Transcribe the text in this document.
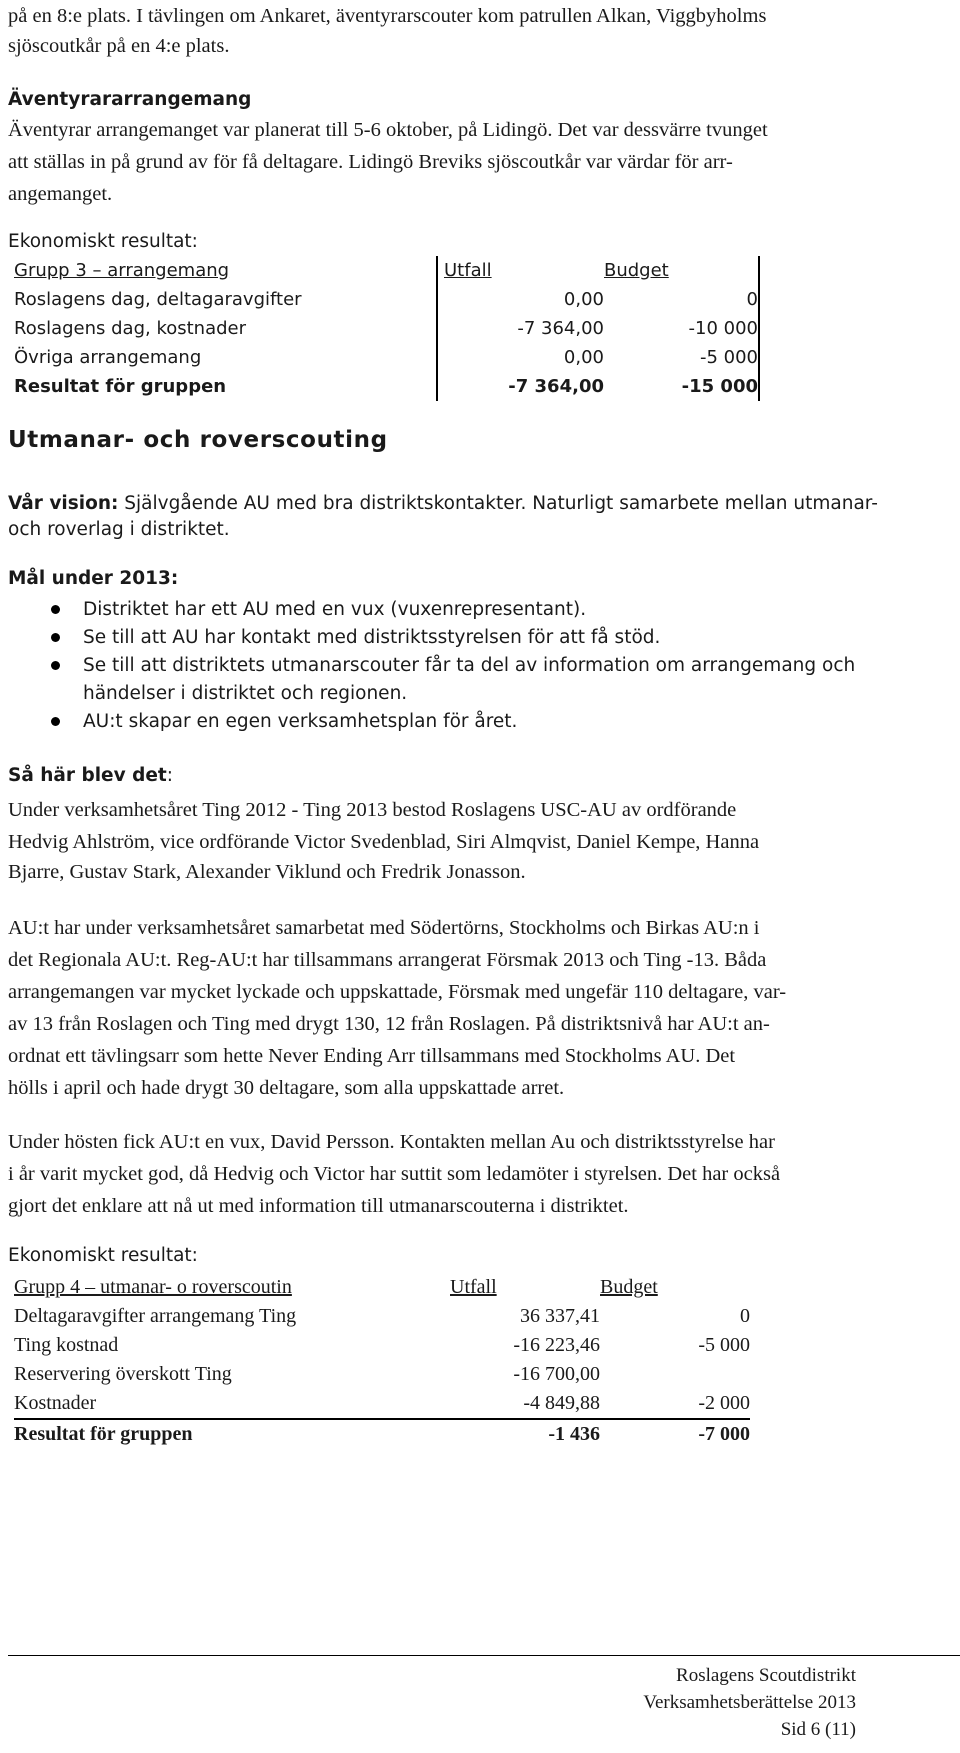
på en 8:e plats. I tävlingen om Ankaret, äventyrarscouter kom patrullen Alkan, Viggbyholms
sjöscoutkår på en 4:e plats.
Äventyrararrangemang
Äventyrar arrangemanget var planerat till 5-6 oktober, på Lidingö. Det var dessvärre tvunget
att ställas in på grund av för få deltagare. Lidingö Breviks sjöscoutkår var värdar för arr-
angemanget.
Ekonomiskt resultat:
Grupp 3 – arrangemang	Utfall	Budget
Roslagens dag, deltagaravgifter	0,00	0
Roslagens dag, kostnader	-7 364,00	-10 000
Övriga arrangemang	0,00	-5 000
Resultat för gruppen	-7 364,00	-15 000
Utmanar- och roverscouting
Vår vision: Självgående AU med bra distriktskontakter. Naturligt samarbete mellan utmanar-
och roverlag i distriktet.
Mål under 2013:
Distriktet har ett AU med en vux (vuxenrepresentant).
Se till att AU har kontakt med distriktsstyrelsen för att få stöd.
Se till att distriktets utmanarscouter får ta del av information om arrangemang och
händelser i distriktet och regionen.
AU:t skapar en egen verksamhetsplan för året.
Så här blev det:
Under verksamhetsåret Ting 2012 - Ting 2013 bestod Roslagens USC-AU av ordförande
Hedvig Ahlström, vice ordförande Victor Svedenblad, Siri Almqvist, Daniel Kempe, Hanna
Bjarre, Gustav Stark, Alexander Viklund och Fredrik Jonasson.
AU:t har under verksamhetsåret samarbetat med Södertörns, Stockholms och Birkas AU:n i
det Regionala AU:t. Reg-AU:t har tillsammans arrangerat Försmak 2013 och Ting -13. Båda
arrangemangen var mycket lyckade och uppskattade, Försmak med ungefär 110 deltagare, var-
av 13 från Roslagen och Ting med drygt 130, 12 från Roslagen. På distriktsnivå har AU:t an-
ordnat ett tävlingsarr som hette Never Ending Arr tillsammans med Stockholms AU. Det
hölls i april och hade drygt 30 deltagare, som alla uppskattade arret.
Under hösten fick AU:t en vux, David Persson. Kontakten mellan Au och distriktsstyrelse har
i år varit mycket god, då Hedvig och Victor har suttit som ledamöter i styrelsen. Det har också
gjort det enklare att nå ut med information till utmanarscouterna i distriktet.
Ekonomiskt resultat:
Grupp 4 – utmanar- o roverscoutin	Utfall	Budget
Deltagaravgifter arrangemang Ting	36 337,41	0
Ting kostnad	-16 223,46	-5 000
Reservering överskott Ting	-16 700,00	
Kostnader	-4 849,88	-2 000
Resultat för gruppen	-1 436	-7 000
Roslagens Scoutdistrikt
Verksamhetsberättelse 2013
Sid 6 (11)
